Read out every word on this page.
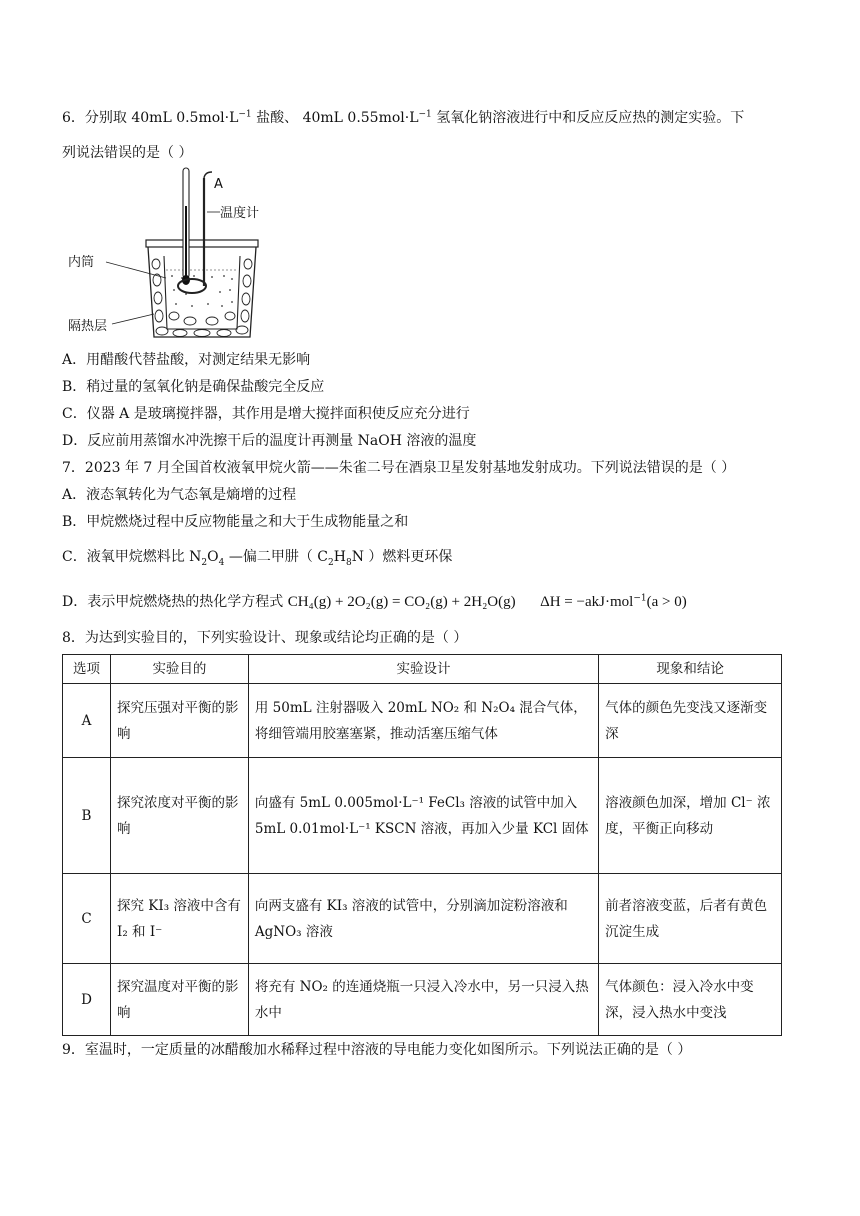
6．分别取 40mL $0.5mol\cdot L^{-1}$ 盐酸、 40mL $0.55mol\cdot L^{-1}$ 氢氧化钠溶液进行中和反应反应热的测定实验。下
列说法错误的是（ ）
A
温度计
内筒
隔热层
A．用醋酸代替盐酸，对测定结果无影响
B．稍过量的氢氧化钠是确保盐酸完全反应
C．仪器 A 是玻璃搅拌器，其作用是增大搅拌面积使反应充分进行
D．反应前用蒸馏水冲洗擦干后的温度计再测量 NaOH 溶液的温度
7．2023 年 7 月全国首枚液氧甲烷火箭——朱雀二号在酒泉卫星发射基地发射成功。下列说法错误的是（ ）
A．液态氧转化为气态氧是熵增的过程
B．甲烷燃烧过程中反应物能量之和大于生成物能量之和
C．液氧甲烷燃料比 $N_2O_4$ —偏二甲肼（ $C_2H_8N$ ）燃料更环保
D．表示甲烷燃烧热的热化学方程式 CH₄(g) + 2O₂(g) = CO₂(g) + 2H₂O(g) ΔH = −akJ·mol$^{-1}$(a > 0)
8．为达到实验目的，下列实验设计、现象或结论均正确的是（ ）
选项	实验目的	实验设计	现象和结论
A	探究压强对平衡的影响	用 50mL 注射器吸入 20mL NO₂ 和 N₂O₄ 混合气体，将细管端用胶塞塞紧，推动活塞压缩气体	气体的颜色先变浅又逐渐变深
B	探究浓度对平衡的影响	向盛有 5mL 0.005mol·L⁻¹ FeCl₃ 溶液的试管中加入 5mL 0.01mol·L⁻¹ KSCN 溶液，再加入少量 KCl 固体	溶液颜色加深，增加 Cl⁻ 浓度，平衡正向移动
C	探究 KI₃ 溶液中含有 I₂ 和 I⁻	向两支盛有 KI₃ 溶液的试管中，分别滴加淀粉溶液和 AgNO₃ 溶液	前者溶液变蓝，后者有黄色沉淀生成
D	探究温度对平衡的影响	将充有 NO₂ 的连通烧瓶一只浸入冷水中，另一只浸入热水中	气体颜色：浸入冷水中变深，浸入热水中变浅
9．室温时，一定质量的冰醋酸加水稀释过程中溶液的导电能力变化如图所示。下列说法正确的是（ ）
